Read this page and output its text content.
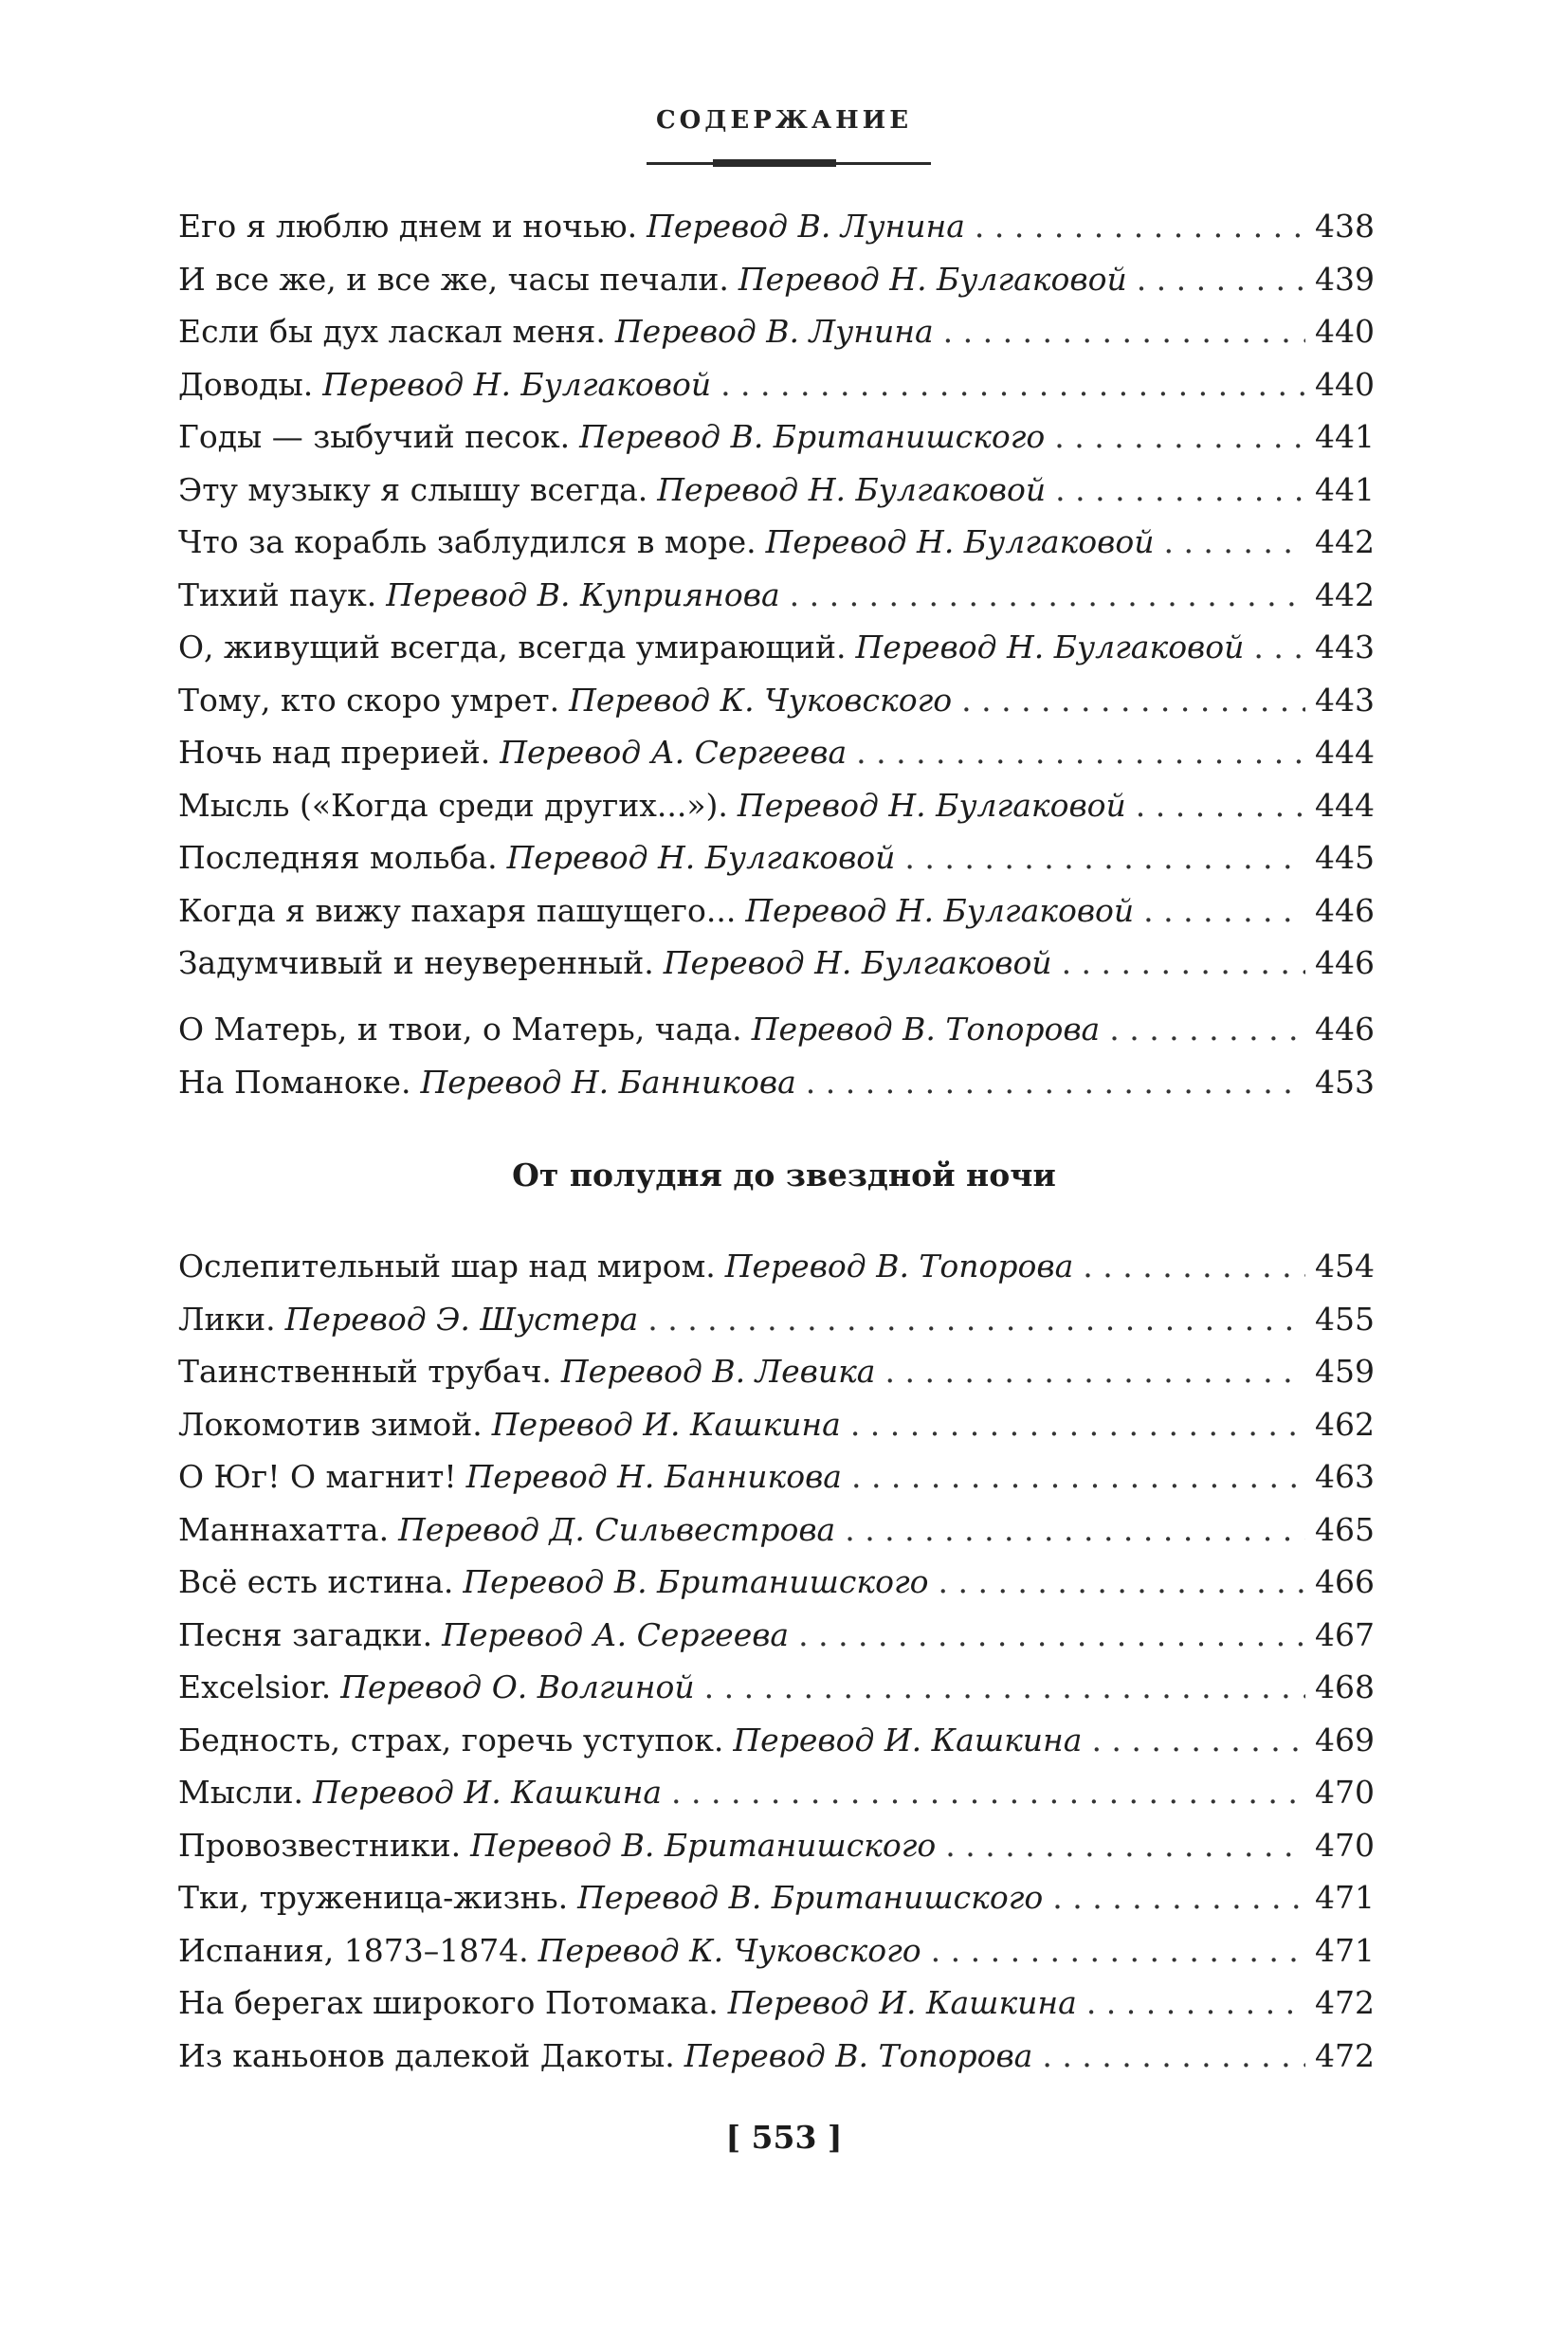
СОДЕРЖАНИЕ
Его я люблю днем и ночью. Перевод В. Лунина . . .	438
И все же, и все же, часы печали. Перевод Н. Булгаковой . . .	439
Если бы дух ласкал меня. Перевод В. Лунина . . .	440
Доводы. Перевод Н. Булгаковой . . .	440
Годы — зыбучий песок. Перевод В. Британишского . . .	441
Эту музыку я слышу всегда. Перевод Н. Булгаковой . . .	441
Что за корабль заблудился в море. Перевод Н. Булгаковой . . .	442
Тихий паук. Перевод В. Куприянова . . .	442
О, живущий всегда, всегда умирающий. Перевод Н. Булгаковой . . . 443
Тому, кто скоро умрет. Перевод К. Чуковского . . .	443
Ночь над прерией. Перевод А. Сергеева . . .	444
Мысль («Когда среди других...»). Перевод Н. Булгаковой . . .	444
Последняя мольба. Перевод Н. Булгаковой . . .	445
Когда я вижу пахаря пашущего... Перевод Н. Булгаковой . . .	446
Задумчивый и неуверенный. Перевод Н. Булгаковой . . .	446
О Матерь, и твои, о Матерь, чада. Перевод В. Топорова . . .	446
На Поманоке. Перевод Н. Банникова . . .	453
От полудня до звездной ночи
Ослепительный шар над миром. Перевод В. Топорова . . .	454
Лики. Перевод Э. Шустера . . .	455
Таинственный трубач. Перевод В. Левика . . .	459
Локомотив зимой. Перевод И. Кашкина . . .	462
О Юг! О магнит! Перевод Н. Банникова . . .	463
Маннахатта. Перевод Д. Сильвестрова . . .	465
Всё есть истина. Перевод В. Британишского . . .	466
Песня загадки. Перевод А. Сергеева . . .	467
Excelsior. Перевод О. Волгиной . . .	468
Бедность, страх, горечь уступок. Перевод И. Кашкина . . .	469
Мысли. Перевод И. Кашкина . . .	470
Провозвестники. Перевод В. Британишского . . .	470
Тки, труженица-жизнь. Перевод В. Британишского . . .	471
Испания, 1873–1874. Перевод К. Чуковского . . .	471
На берегах широкого Потомака. Перевод И. Кашкина . . .	472
Из каньонов далекой Дакоты. Перевод В. Топорова . . .	472
[ 553 ]
